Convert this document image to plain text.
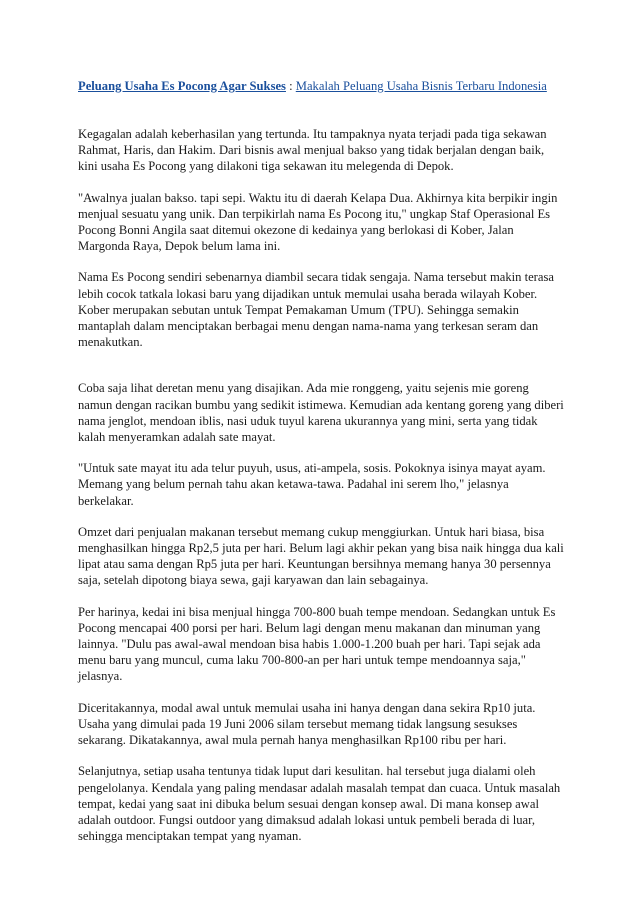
Peluang Usaha Es Pocong Agar Sukses : Makalah Peluang Usaha Bisnis Terbaru Indonesia

Kegagalan adalah keberhasilan yang tertunda. Itu tampaknya nyata terjadi pada tiga sekawan Rahmat, Haris, dan Hakim. Dari bisnis awal menjual bakso yang tidak berjalan dengan baik, kini usaha Es Pocong yang dilakoni tiga sekawan itu melegenda di Depok.

"Awalnya jualan bakso. tapi sepi. Waktu itu di daerah Kelapa Dua. Akhirnya kita berpikir ingin menjual sesuatu yang unik. Dan terpikirlah nama Es Pocong itu," ungkap Staf Operasional Es Pocong Bonni Angila saat ditemui okezone di kedainya yang berlokasi di Kober, Jalan Margonda Raya, Depok belum lama ini.

Nama Es Pocong sendiri sebenarnya diambil secara tidak sengaja. Nama tersebut makin terasa lebih cocok tatkala lokasi baru yang dijadikan untuk memulai usaha berada wilayah Kober. Kober merupakan sebutan untuk Tempat Pemakaman Umum (TPU). Sehingga semakin mantaplah dalam menciptakan berbagai menu dengan nama-nama yang terkesan seram dan menakutkan.

Coba saja lihat deretan menu yang disajikan. Ada mie ronggeng, yaitu sejenis mie goreng namun dengan racikan bumbu yang sedikit istimewa. Kemudian ada kentang goreng yang diberi nama jenglot, mendoan iblis, nasi uduk tuyul karena ukurannya yang mini, serta yang tidak kalah menyeramkan adalah sate mayat.

"Untuk sate mayat itu ada telur puyuh, usus, ati-ampela, sosis. Pokoknya isinya mayat ayam. Memang yang belum pernah tahu akan ketawa-tawa. Padahal ini serem lho," jelasnya berkelakar.

Omzet dari penjualan makanan tersebut memang cukup menggiurkan. Untuk hari biasa, bisa menghasilkan hingga Rp2,5 juta per hari. Belum lagi akhir pekan yang bisa naik hingga dua kali lipat atau sama dengan Rp5 juta per hari. Keuntungan bersihnya memang hanya 30 persennya saja, setelah dipotong biaya sewa, gaji karyawan dan lain sebagainya.

Per harinya, kedai ini bisa menjual hingga 700-800 buah tempe mendoan. Sedangkan untuk Es Pocong mencapai 400 porsi per hari. Belum lagi dengan menu makanan dan minuman yang lainnya. "Dulu pas awal-awal mendoan bisa habis 1.000-1.200 buah per hari. Tapi sejak ada menu baru yang muncul, cuma laku 700-800-an per hari untuk tempe mendoannya saja," jelasnya.

Diceritakannya, modal awal untuk memulai usaha ini hanya dengan dana sekira Rp10 juta. Usaha yang dimulai pada 19 Juni 2006 silam tersebut memang tidak langsung sesukses sekarang. Dikatakannya, awal mula pernah hanya menghasilkan Rp100 ribu per hari.

Selanjutnya, setiap usaha tentunya tidak luput dari kesulitan. hal tersebut juga dialami oleh pengelolanya. Kendala yang paling mendasar adalah masalah tempat dan cuaca. Untuk masalah tempat, kedai yang saat ini dibuka belum sesuai dengan konsep awal. Di mana konsep awal adalah outdoor. Fungsi outdoor yang dimaksud adalah lokasi untuk pembeli berada di luar, sehingga menciptakan tempat yang nyaman.
